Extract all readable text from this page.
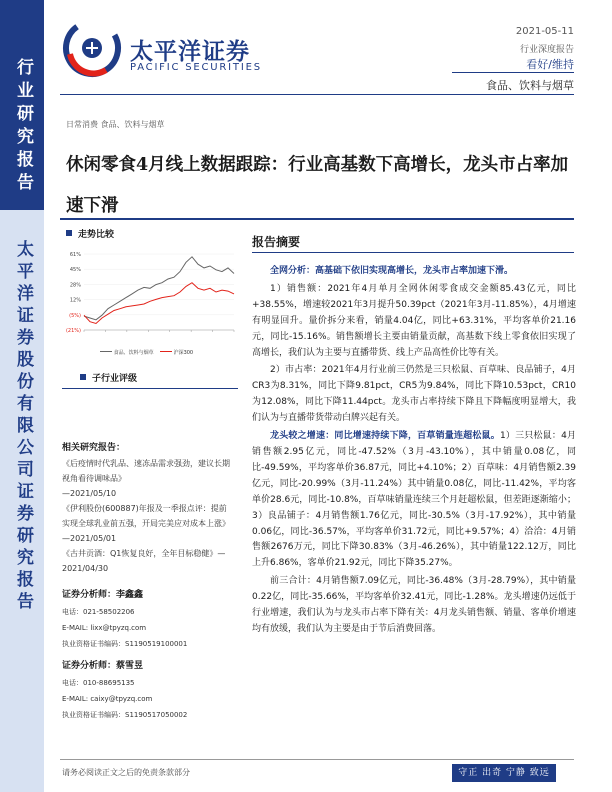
行业研究报告
太平洋证券股份有限公司证券研究报告
太平洋证券
PACIFIC SECURITIES
2021-05-11
行业深度报告
看好/维持
食品、饮料与烟草
日常消费 食品、饮料与烟草
休闲零食4月线上数据跟踪：行业高基数下高增长，龙头市占率加速下滑
走势比较
61%
45%
28%
12%
(5%)
(21%)
食品、饮料与烟草	沪深300
子行业评级
相关研究报告：
《后疫情时代乳品、速冻品需求强劲，建议长期视角看待调味品》
—2021/05/10
《伊利股份(600887)年报及一季报点评：提前实现全球乳业前五强，开局完美应对成本上涨》
—2021/05/01
《古井贡酒：Q1恢复良好，全年目标稳健》—2021/04/30
证券分析师：李鑫鑫
电话：021-58502206
E-MAIL: lixx@tpyzq.com
执业资格证书编码：S1190519100001
证券分析师：蔡雪昱
电话：010-88695135
E-MAIL: caixy@tpyzq.com
执业资格证书编码：S1190517050002
报告摘要

全网分析：高基础下依旧实现高增长，龙头市占率加速下滑。

1）销售额：2021年4月单月全网休闲零食成交金额85.43亿元，同比+38.55%，增速较2021年3月提升50.39pct（2021年3月-11.85%），4月增速有明显回升。量价拆分来看，销量4.04亿，同比+63.31%，平均客单价21.16元，同比-15.16%。销售额增长主要由销量贡献，高基数下线上零食依旧实现了高增长，我们认为主要与直播带货、线上产品高性价比等有关。

2）市占率：2021年4月行业前三仍然是三只松鼠、百草味、良品铺子，4月CR3为8.31%，同比下降9.81pct，CR5为9.84%，同比下降10.53pct，CR10为12.08%，同比下降11.44pct。龙头市占率持续下降且下降幅度明显增大，我们认为与直播带货带动白牌兴起有关。

龙头较之增速：同比增速持续下降，百草销量连超松鼠。1）三只松鼠：4月销售额2.95亿元，同比-47.52%（3月-43.10%），其中销量0.08亿，同比-49.59%，平均客单价36.87元，同比+4.10%；2）百草味：4月销售额2.39亿元，同比-20.99%（3月-11.24%）其中销量0.08亿，同比-11.42%，平均客单价28.6元，同比-10.8%，百草味销量连续三个月赶超松鼠，但差距逐渐缩小；3）良品铺子：4月销售额1.76亿元，同比-30.5%（3月-17.92%），其中销量0.06亿，同比-36.57%，平均客单价31.72元，同比+9.57%；4）洽洽：4月销售额2676万元，同比下降30.83%（3月-46.26%），其中销量122.12万，同比上升6.86%，客单价21.92元，同比下降35.27%。

前三合计：4月销售额7.09亿元，同比-36.48%（3月-28.79%），其中销量0.22亿，同比-35.66%，平均客单价32.41元，同比-1.28%。龙头增速仍远低于行业增速，我们认为与龙头市占率下降有关：4月龙头销售额、销量、客单价增速均有放缓，我们认为主要是由于节后消费回落。

请务必阅读正文之后的免责条款部分	守正 出奇 宁静 致远
